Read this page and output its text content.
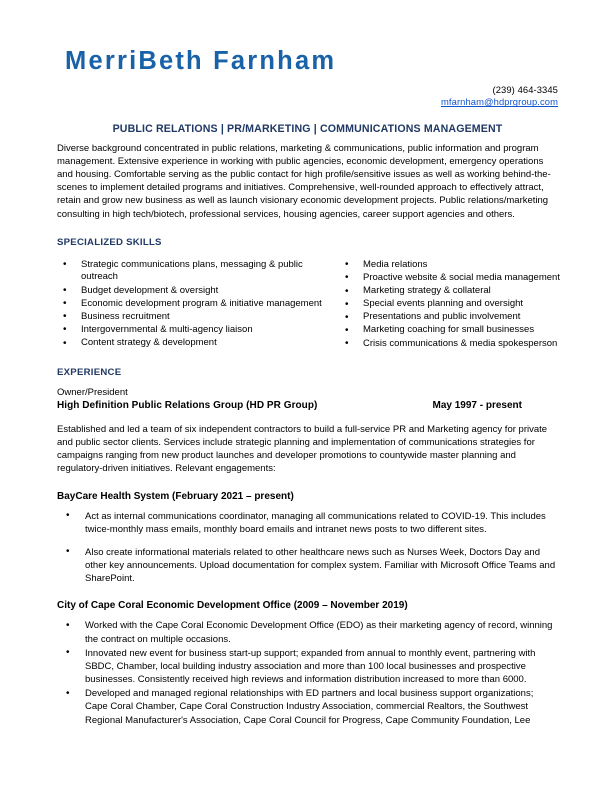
MerriBeth Farnham
(239) 464-3345
mfarnham@hdprgroup.com
PUBLIC RELATIONS | PR/MARKETING | COMMUNICATIONS MANAGEMENT

Diverse background concentrated in public relations, marketing & communications, public information and program management. Extensive experience in working with public agencies, economic development, emergency operations and housing. Comfortable serving as the public contact for high profile/sensitive issues as well as working behind-the-scenes to implement detailed programs and initiatives. Comprehensive, well-rounded approach to effectively attract, retain and grow new business as well as launch visionary economic development projects. Public relations/marketing consulting in high tech/biotech, professional services, housing agencies, career support agencies and others.

SPECIALIZED SKILLS
• Strategic communications plans, messaging & public outreach
• Budget development & oversight
• Economic development program & initiative management
• Business recruitment
• Intergovernmental & multi-agency liaison
• Content strategy & development
• Media relations
• Proactive website & social media management
• Marketing strategy & collateral
• Special events planning and oversight
• Presentations and public involvement
• Marketing coaching for small businesses
• Crisis communications & media spokesperson
EXPERIENCE
Owner/President
High Definition Public Relations Group (HD PR Group)	May 1997 - present

Established and led a team of six independent contractors to build a full-service PR and Marketing agency for private and public sector clients. Services include strategic planning and implementation of communications strategies for campaigns ranging from new product launches and developer promotions to countywide master planning and regulatory-driven initiatives. Relevant engagements:

BayCare Health System (February 2021 – present)
• Act as internal communications coordinator, managing all communications related to COVID-19. This includes twice-monthly mass emails, monthly board emails and intranet news posts to two different sites.
• Also create informational materials related to other healthcare news such as Nurses Week, Doctors Day and other key announcements. Upload documentation for complex system. Familiar with Microsoft Office Teams and SharePoint.
City of Cape Coral Economic Development Office (2009 – November 2019)
• Worked with the Cape Coral Economic Development Office (EDO) as their marketing agency of record, winning the contract on multiple occasions.
• Innovated new event for business start-up support; expanded from annual to monthly event, partnering with SBDC, Chamber, local building industry association and more than 100 local businesses and prospective businesses. Consistently received high reviews and information distribution increased to more than 6000.
• Developed and managed regional relationships with ED partners and local business support organizations; Cape Coral Chamber, Cape Coral Construction Industry Association, commercial Realtors, the Southwest Regional Manufacturer's Association, Cape Coral Council for Progress, Cape Community Foundation, Lee
